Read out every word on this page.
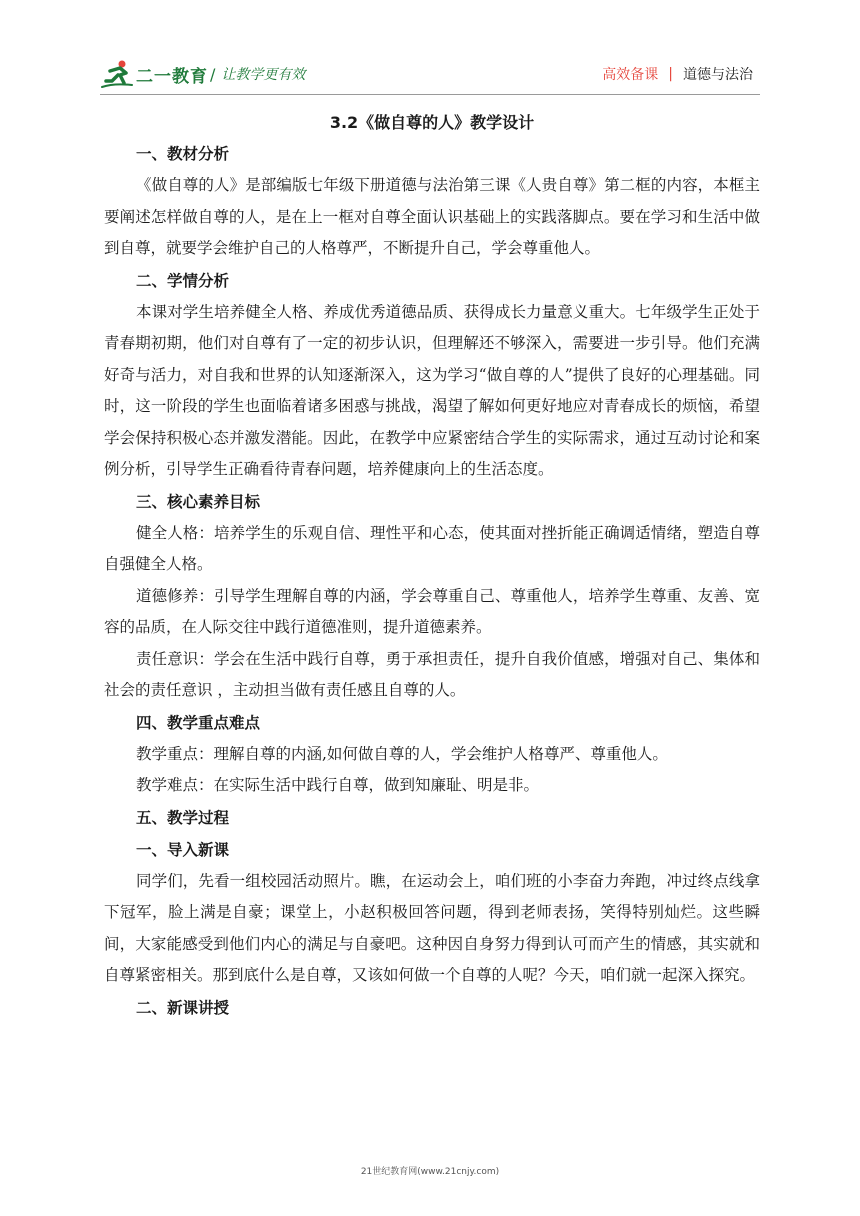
二一教育 / 让教学更有效	高效备课 | 道德与法治

3.2《做自尊的人》教学设计

一、教材分析

《做自尊的人》是部编版七年级下册道德与法治第三课《人贵自尊》第二框的内容，本框主要阐述怎样做自尊的人，是在上一框对自尊全面认识基础上的实践落脚点。要在学习和生活中做到自尊，就要学会维护自己的人格尊严，不断提升自己，学会尊重他人。

二、学情分析

本课对学生培养健全人格、养成优秀道德品质、获得成长力量意义重大。七年级学生正处于青春期初期，他们对自尊有了一定的初步认识，但理解还不够深入，需要进一步引导。他们充满好奇与活力，对自我和世界的认知逐渐深入，这为学习“做自尊的人”提供了良好的心理基础。同时，这一阶段的学生也面临着诸多困惑与挑战，渴望了解如何更好地应对青春成长的烦恼，希望学会保持积极心态并激发潜能。因此，在教学中应紧密结合学生的实际需求，通过互动讨论和案例分析，引导学生正确看待青春问题，培养健康向上的生活态度。

三、核心素养目标

健全人格：培养学生的乐观自信、理性平和心态，使其面对挫折能正确调适情绪，塑造自尊自强健全人格。

道德修养：引导学生理解自尊的内涵，学会尊重自己、尊重他人，培养学生尊重、友善、宽容的品质，在人际交往中践行道德准则，提升道德素养。

责任意识：学会在生活中践行自尊，勇于承担责任，提升自我价值感，增强对自己、集体和社会的责任意识 ，主动担当做有责任感且自尊的人。

四、教学重点难点

教学重点：理解自尊的内涵,如何做自尊的人，学会维护人格尊严、尊重他人。

教学难点：在实际生活中践行自尊，做到知廉耻、明是非。

五、教学过程

一、导入新课

同学们，先看一组校园活动照片。瞧，在运动会上，咱们班的小李奋力奔跑，冲过终点线拿下冠军，脸上满是自豪；课堂上，小赵积极回答问题，得到老师表扬，笑得特别灿烂。这些瞬间，大家能感受到他们内心的满足与自豪吧。这种因自身努力得到认可而产生的情感，其实就和自尊紧密相关。那到底什么是自尊，又该如何做一个自尊的人呢？今天，咱们就一起深入探究。

二、新课讲授

21世纪教育网(www.21cnjy.com)
